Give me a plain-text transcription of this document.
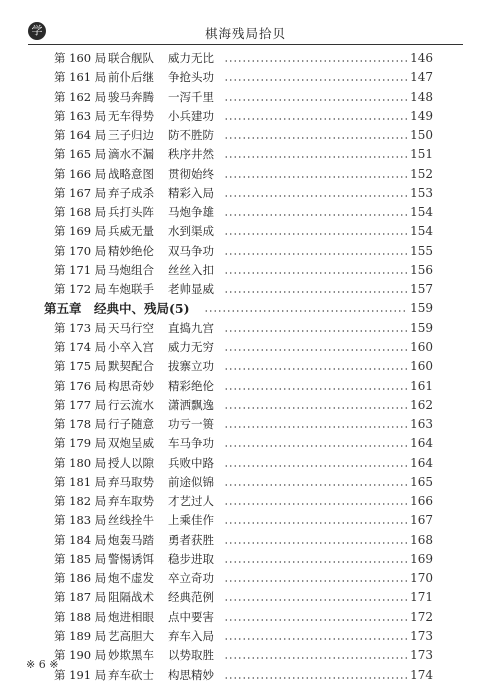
学	棋海残局拾贝
第 160 局 联合舰队 威力无比	146
第 161 局 前仆后继 争抢头功	147
第 162 局 骏马奔腾 一泻千里	148
第 163 局 无车得势 小兵建功	149
第 164 局 三子归边 防不胜防	150
第 165 局 滴水不漏 秩序井然	151
第 166 局 战略意图 贯彻始终	152
第 167 局 弃子成杀 精彩入局	153
第 168 局 兵打头阵 马炮争雄	154
第 169 局 兵威无量 水到渠成	154
第 170 局 精妙绝伦 双马争功	155
第 171 局 马炮组合 丝丝入扣	156
第 172 局 车炮联手 老帅显威	157
第五章　经典中、残局(5)	159
第 173 局 天马行空 直捣九宫	159
第 174 局 小卒入宫 威力无穷	160
第 175 局 默契配合 拔寨立功	160
第 176 局 构思奇妙 精彩绝伦	161
第 177 局 行云流水 潇洒飘逸	162
第 178 局 行子随意 功亏一篑	163
第 179 局 双炮呈威 车马争功	164
第 180 局 授人以隙 兵败中路	164
第 181 局 弃马取势 前途似锦	165
第 182 局 弃车取势 才艺过人	166
第 183 局 丝线拴牛 上乘佳作	167
第 184 局 炮轰马踏 勇者获胜	168
第 185 局 警惕诱饵 稳步进取	169
第 186 局 炮不虚发 卒立奇功	170
第 187 局 阻隔战术 经典范例	171
第 188 局 炮进相眼 点中要害	172
第 189 局 艺高胆大 弃车入局	173
第 190 局 妙欺黑车 以势取胜	173
第 191 局 弃车砍士 构思精妙	174
※ 6 ※
